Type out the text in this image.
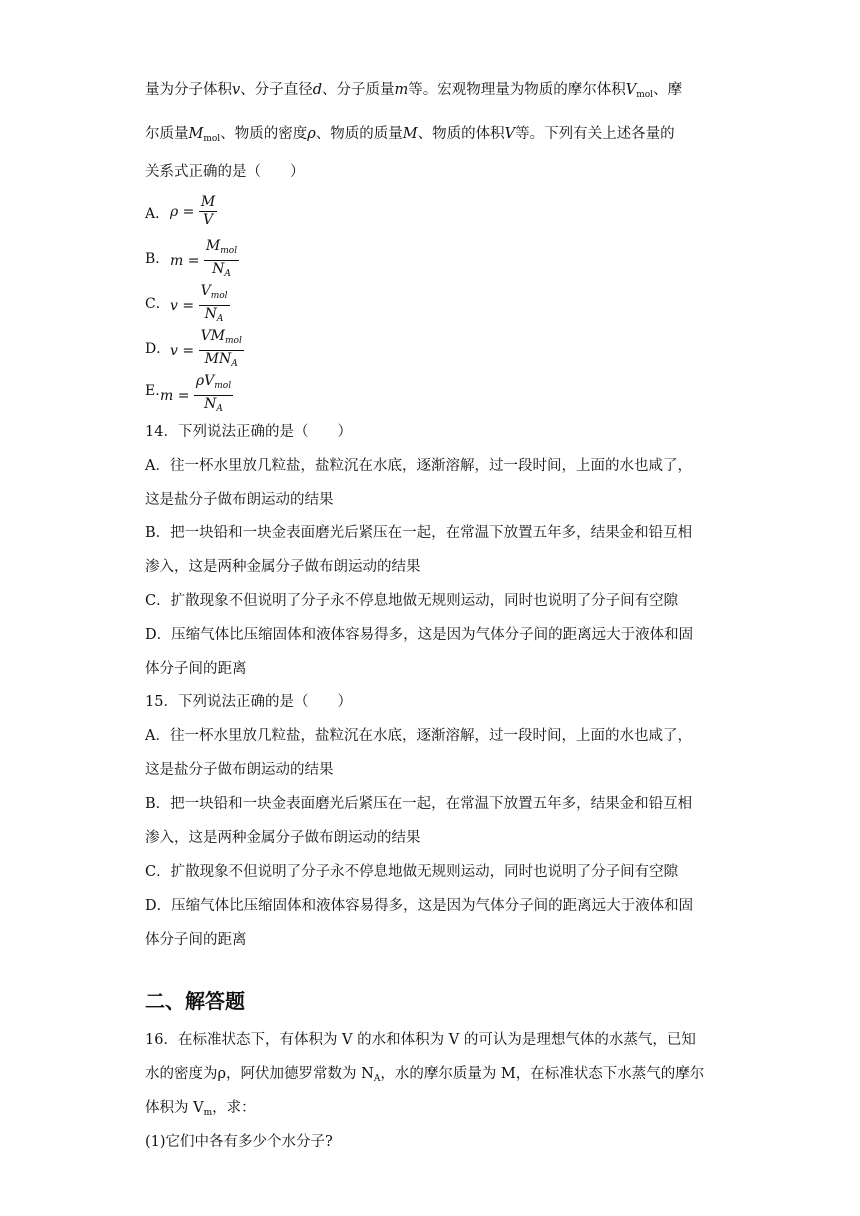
量为分子体积v、分子直径d、分子质量m等。宏观物理量为物质的摩尔体积$V_{mol}$、摩
尔质量$M_{mol}$、物质的密度ρ、物质的质量M、物质的体积V等。下列有关上述各量的
关系式正确的是（　　）
A． $\rho = \frac{M}{V}$
B． $m = \frac{M_{mol}}{N_A}$
C． $v = \frac{V_{mol}}{N_A}$
D． $v = \frac{VM_{mol}}{MN_A}$
E. $m = \frac{\rho V_{mol}}{N_A}$
14．下列说法正确的是（　　）
A．往一杯水里放几粒盐，盐粒沉在水底，逐渐溶解，过一段时间，上面的水也咸了，
这是盐分子做布朗运动的结果
B．把一块铅和一块金表面磨光后紧压在一起，在常温下放置五年多，结果金和铅互相
渗入，这是两种金属分子做布朗运动的结果
C．扩散现象不但说明了分子永不停息地做无规则运动，同时也说明了分子间有空隙
D．压缩气体比压缩固体和液体容易得多，这是因为气体分子间的距离远大于液体和固
体分子间的距离
15．下列说法正确的是（　　）
A．往一杯水里放几粒盐，盐粒沉在水底，逐渐溶解，过一段时间，上面的水也咸了，
这是盐分子做布朗运动的结果
B．把一块铅和一块金表面磨光后紧压在一起，在常温下放置五年多，结果金和铅互相
渗入，这是两种金属分子做布朗运动的结果
C．扩散现象不但说明了分子永不停息地做无规则运动，同时也说明了分子间有空隙
D．压缩气体比压缩固体和液体容易得多，这是因为气体分子间的距离远大于液体和固
体分子间的距离
二、解答题
16．在标准状态下，有体积为 V 的水和体积为 V 的可认为是理想气体的水蒸气，已知
水的密度为ρ，阿伏加德罗常数为 $N_A$，水的摩尔质量为 M，在标准状态下水蒸气的摩尔
体积为 $V_m$，求：
(1)它们中各有多少个水分子?
